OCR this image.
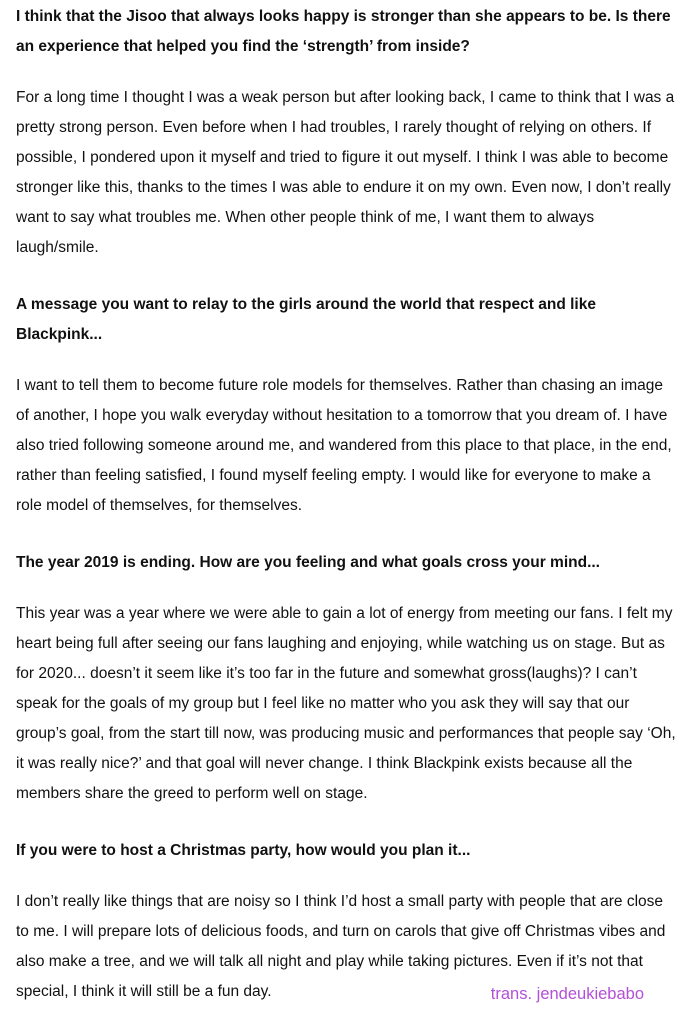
I think that the Jisoo that always looks happy is stronger than she appears to be. Is there an experience that helped you find the ‘strength’ from inside?

For a long time I thought I was a weak person but after looking back, I came to think that I was a pretty strong person. Even before when I had troubles, I rarely thought of relying on others. If possible, I pondered upon it myself and tried to figure it out myself. I think I was able to become stronger like this, thanks to the times I was able to endure it on my own. Even now, I don’t really want to say what troubles me. When other people think of me, I want them to always laugh/smile.

A message you want to relay to the girls around the world that respect and like Blackpink...

I want to tell them to become future role models for themselves. Rather than chasing an image of another, I hope you walk everyday without hesitation to a tomorrow that you dream of. I have also tried following someone around me, and wandered from this place to that place, in the end, rather than feeling satisfied, I found myself feeling empty. I would like for everyone to make a role model of themselves, for themselves.

The year 2019 is ending. How are you feeling and what goals cross your mind...

This year was a year where we were able to gain a lot of energy from meeting our fans. I felt my heart being full after seeing our fans laughing and enjoying, while watching us on stage. But as for 2020... doesn’t it seem like it’s too far in the future and somewhat gross(laughs)? I can’t speak for the goals of my group but I feel like no matter who you ask they will say that our group’s goal, from the start till now, was producing music and performances that people say ‘Oh, it was really nice?’ and that goal will never change. I think Blackpink exists because all the members share the greed to perform well on stage.

If you were to host a Christmas party, how would you plan it...

I don’t really like things that are noisy so I think I’d host a small party with people that are close to me. I will prepare lots of delicious foods, and turn on carols that give off Christmas vibes and also make a tree, and we will talk all night and play while taking pictures. Even if it’s not that special, I think it will still be a fun day.	trans. jendeukiebabo
